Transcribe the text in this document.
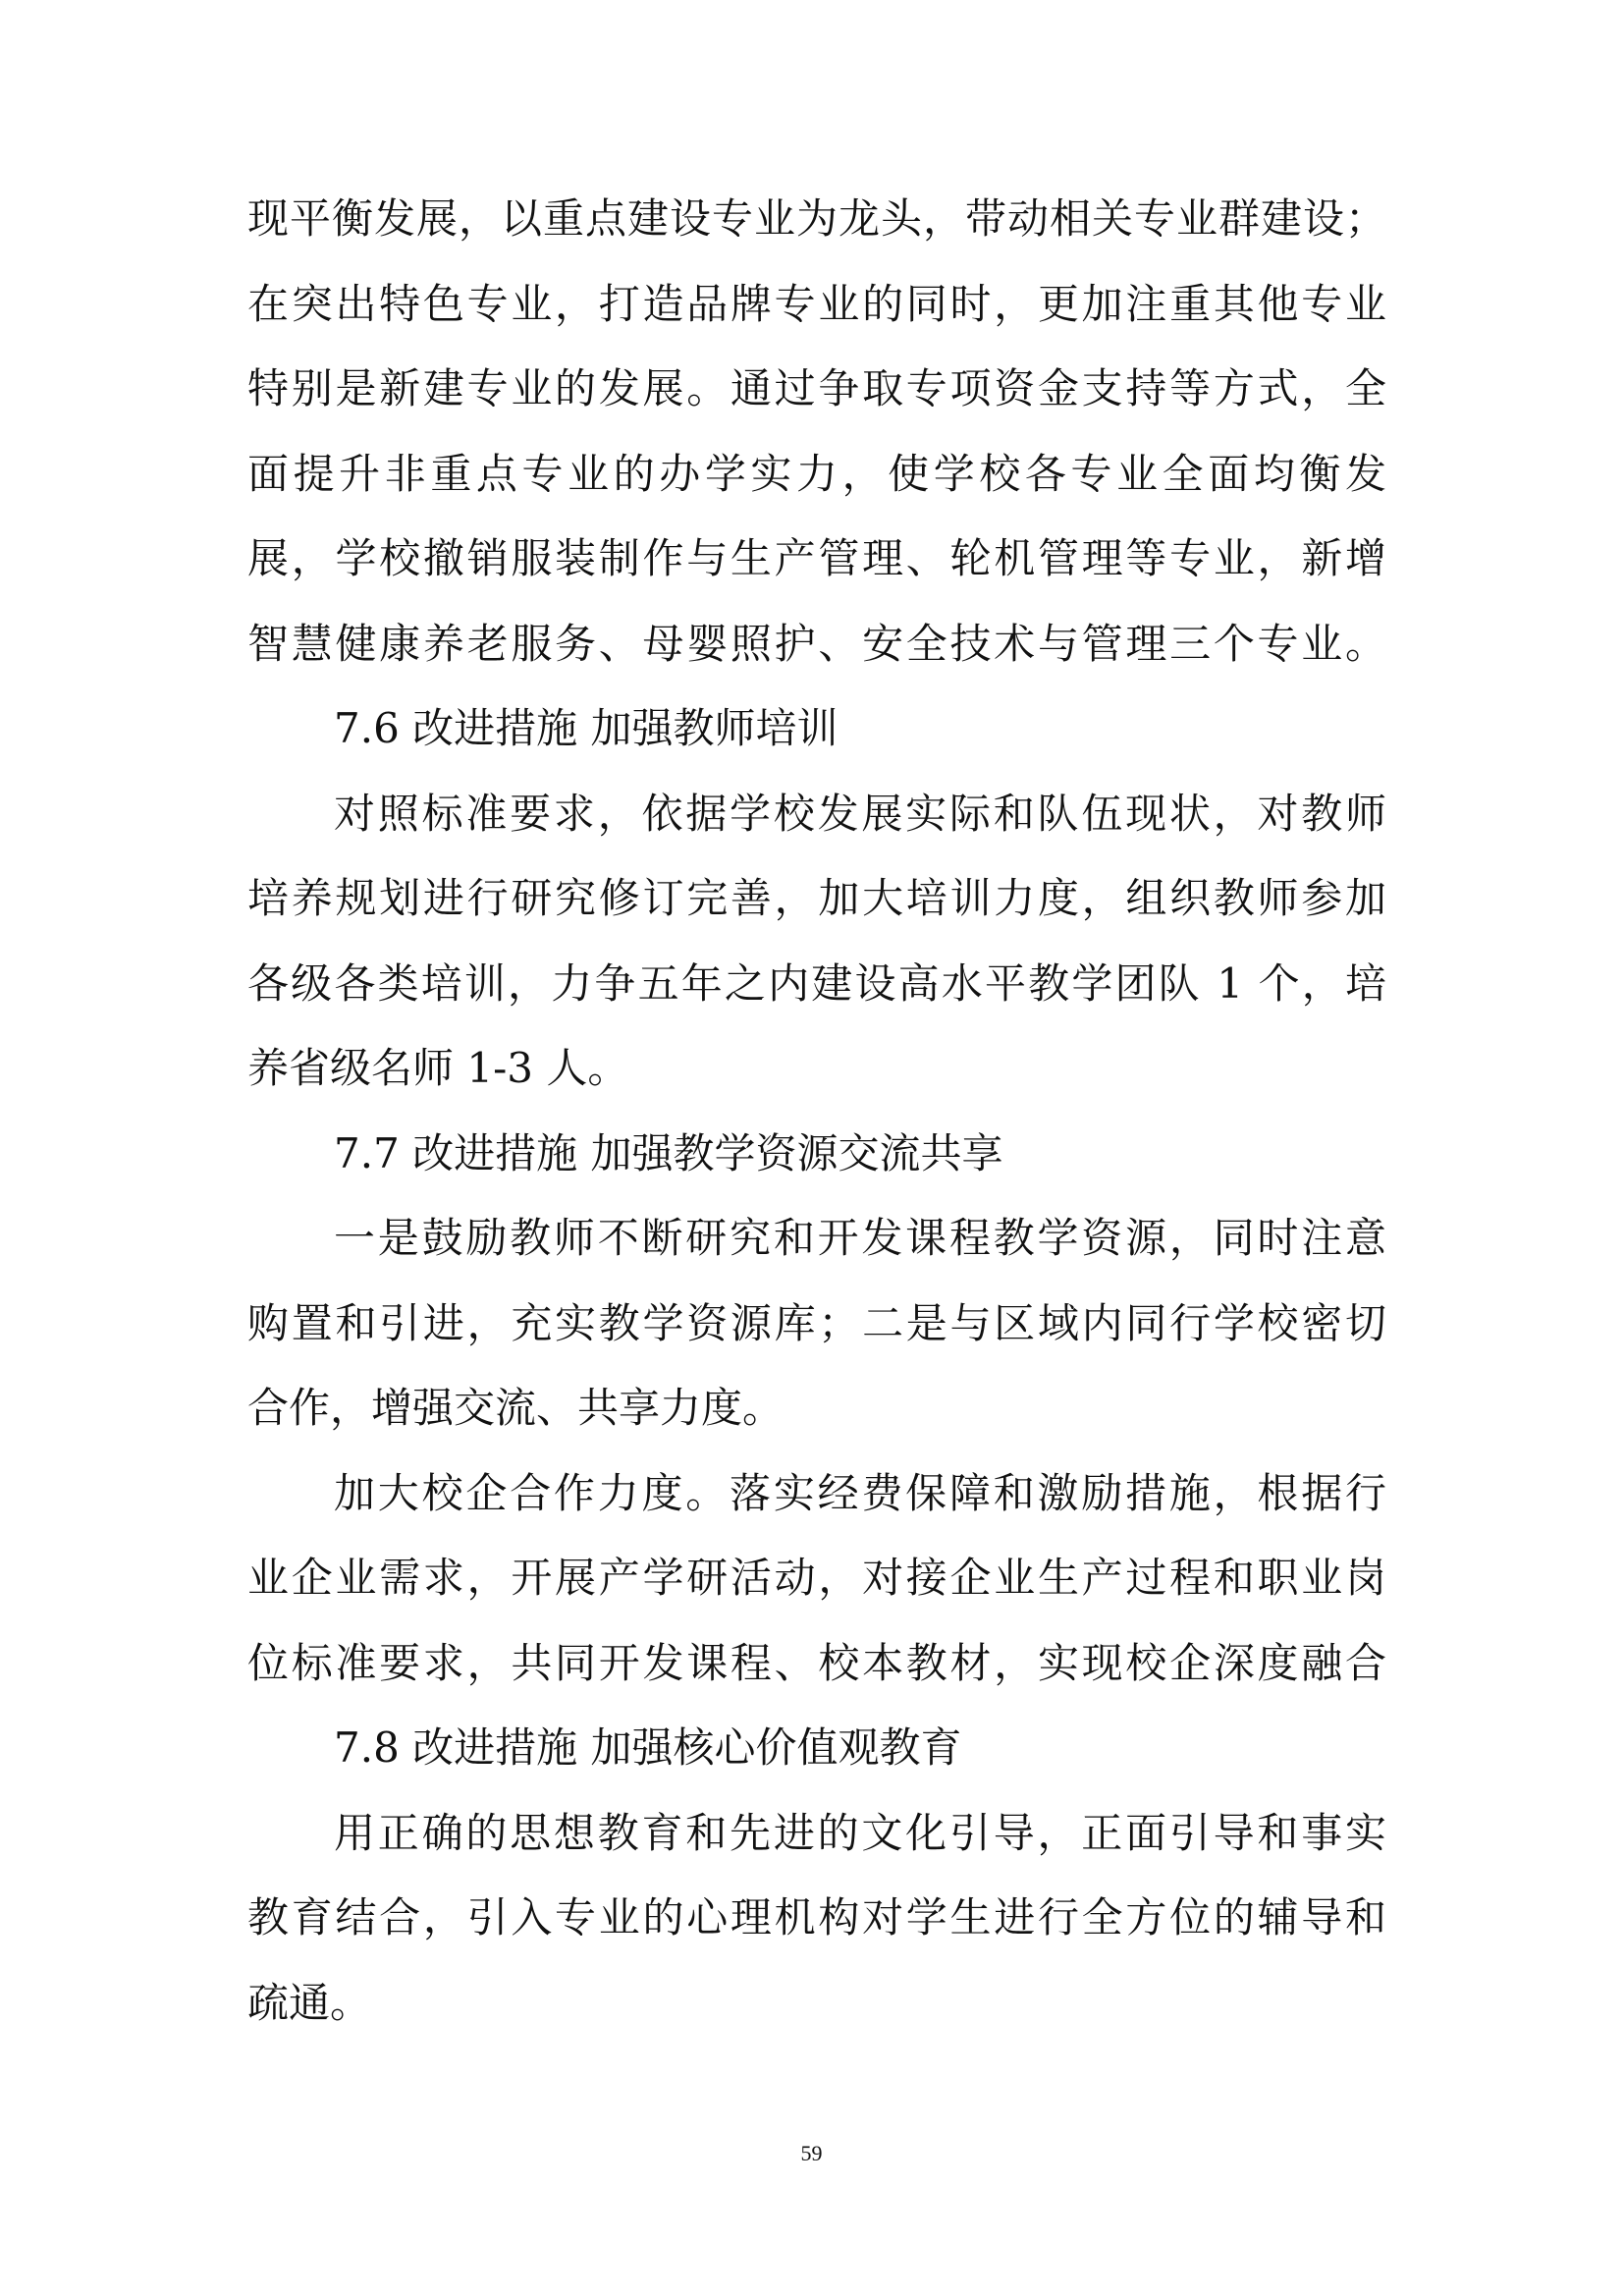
现平衡发展，以重点建设专业为龙头，带动相关专业群建设；
在突出特色专业，打造品牌专业的同时，更加注重其他专业
特别是新建专业的发展。通过争取专项资金支持等方式，全
面提升非重点专业的办学实力，使学校各专业全面均衡发
展，学校撤销服装制作与生产管理、轮机管理等专业，新增
智慧健康养老服务、母婴照护、安全技术与管理三个专业。
7.6 改进措施 加强教师培训
对照标准要求，依据学校发展实际和队伍现状，对教师
培养规划进行研究修订完善，加大培训力度，组织教师参加
各级各类培训，力争五年之内建设高水平教学团队 1 个，培
养省级名师 1-3 人。
7.7 改进措施 加强教学资源交流共享
一是鼓励教师不断研究和开发课程教学资源，同时注意
购置和引进，充实教学资源库；二是与区域内同行学校密切
合作，增强交流、共享力度。
加大校企合作力度。落实经费保障和激励措施，根据行
业企业需求，开展产学研活动，对接企业生产过程和职业岗
位标准要求，共同开发课程、校本教材，实现校企深度融合
7.8 改进措施 加强核心价值观教育
用正确的思想教育和先进的文化引导，正面引导和事实
教育结合，引入专业的心理机构对学生进行全方位的辅导和
疏通。
59
